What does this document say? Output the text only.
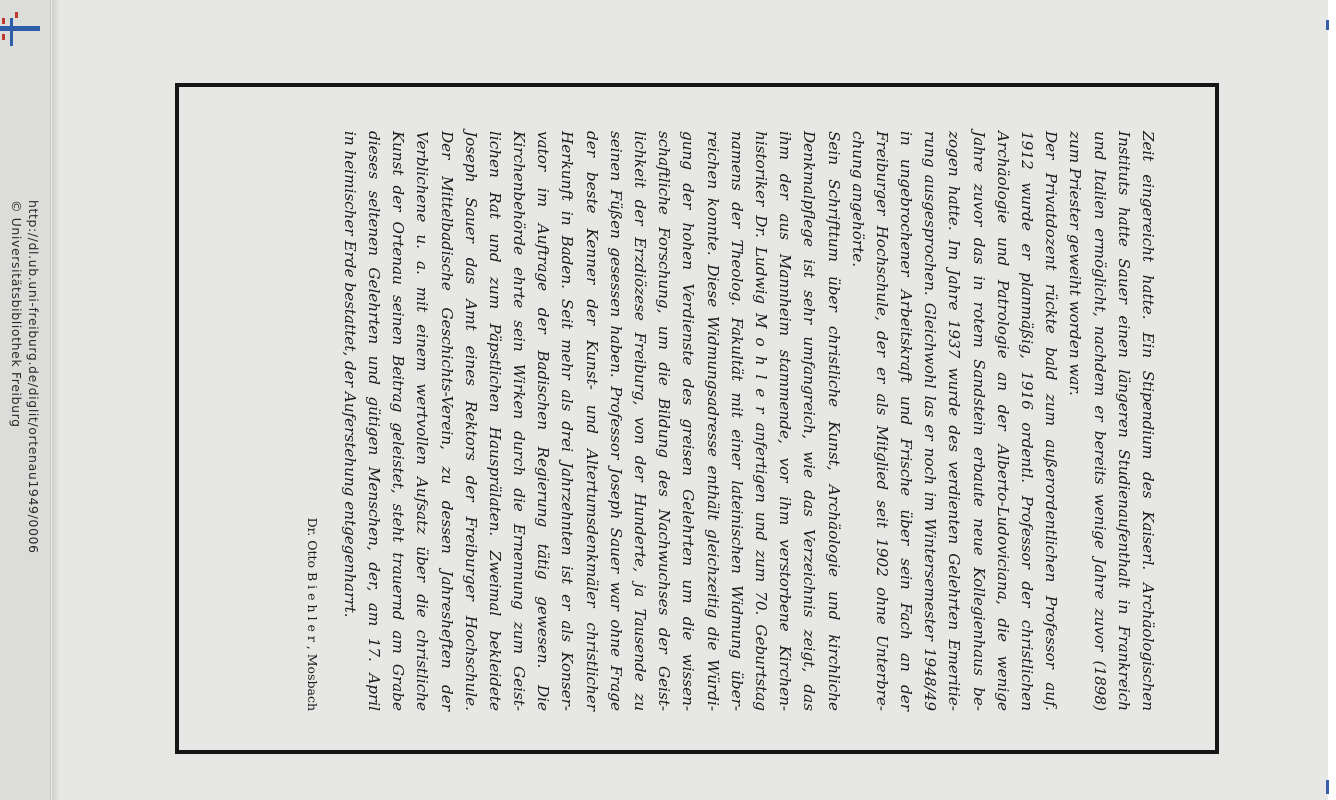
http://dl.ub.uni-freiburg.de/diglit/ortenau1949/0006
© Universitätsbibliothek Freiburg	Zeit eingereicht hatte. Ein Stipendium des Kaiserl. Archäologischen
Instituts hatte Sauer einen längeren Studienaufenthalt in Frankreich
und Italien ermöglicht, nachdem er bereits wenige Jahre zuvor (1898)
zum Priester geweiht worden war.
Der Privatdozent rückte bald zum außerordentlichen Professor auf.
1912 wurde er planmäßig, 1916 ordentl. Professor der christlichen
Archäologie und Patrologie an der Alberto-Ludoviciana, die wenige
Jahre zuvor das in rotem Sandstein erbaute neue Kollegienhaus be-
zogen hatte. Im Jahre 1937 wurde des verdienten Gelehrten Emeritie-
rung ausgesprochen. Gleichwohl las er noch im Wintersemester 1948/49
in ungebrochener Arbeitskraft und Frische über sein Fach an der
Freiburger Hochschule, der er als Mitglied seit 1902 ohne Unterbre-
chung angehörte.
Sein Schrifttum über christliche Kunst, Archäologie und kirchliche
Denkmalpflege ist sehr umfangreich, wie das Verzeichnis zeigt, das
ihm der aus Mannheim stammende, vor ihm verstorbene Kirchen-
historiker Dr. Ludwig M o h l e r anfertigen und zum 70. Geburtstag
namens der Theolog. Fakultät mit einer lateinischen Widmung über-
reichen konnte. Diese Widmungsadresse enthält gleichzeitig die Würdi-
gung der hohen Verdienste des greisen Gelehrten um die wissen-
schaftliche Forschung, um die Bildung des Nachwuchses der Geist-
lichkeit der Erzdiözese Freiburg, von der Hunderte, ja Tausende zu
seinen Füßen gesessen haben. Professor Joseph Sauer war ohne Frage
der beste Kenner der Kunst- und Altertumsdenkmäler christlicher
Herkunft in Baden. Seit mehr als drei Jahrzehnten ist er als Konser-
vator im Auftrage der Badischen Regierung tätig gewesen. Die
Kirchenbehörde ehrte sein Wirken durch die Ernennung zum Geist-
lichen Rat und zum Päpstlichen Hausprälaten. Zweimal bekleidete
Joseph Sauer das Amt eines Rektors der Freiburger Hochschule.
Der Mittelbadische Geschichts-Verein, zu dessen Jahresheften der
Verblichene u. a. mit einem wertvollen Aufsatz über die christliche
Kunst der Ortenau seinen Beitrag geleistet, steht trauernd am Grabe
dieses seltenen Gelehrten und gütigen Menschen, der, am 17. April
in heimischer Erde bestattet, der Auferstehung entgegenharrt.
Dr. Otto B i e h l e r , Mosbach
